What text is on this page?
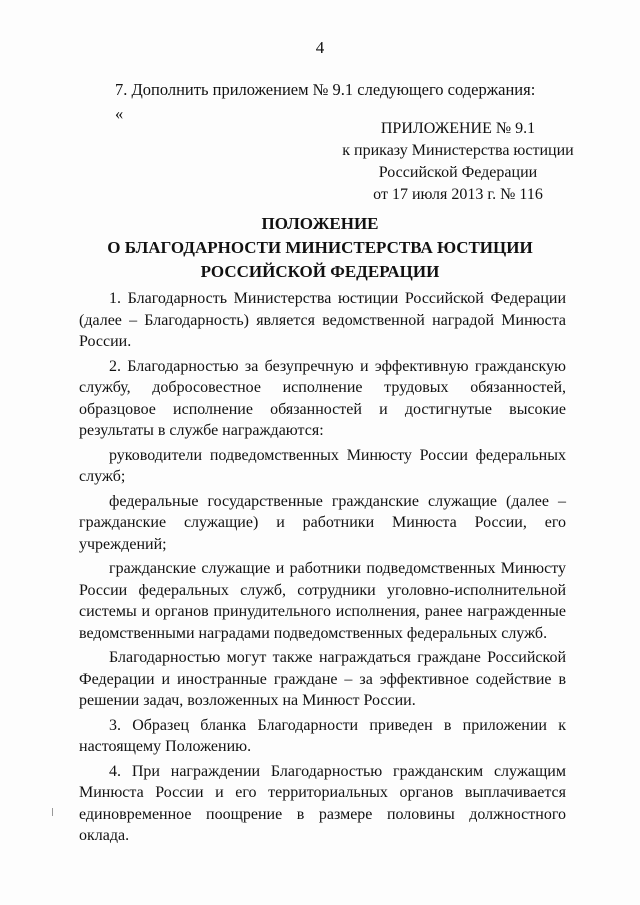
4
7. Дополнить приложением № 9.1 следующего содержания:
«
ПРИЛОЖЕНИЕ № 9.1
к приказу Министерства юстиции
Российской Федерации
от 17 июля 2013 г. № 116
ПОЛОЖЕНИЕ
О БЛАГОДАРНОСТИ МИНИСТЕРСТВА ЮСТИЦИИ
РОССИЙСКОЙ ФЕДЕРАЦИИ

1. Благодарность Министерства юстиции Российской Федерации (далее – Благодарность) является ведомственной наградой Минюста России.

2. Благодарностью за безупречную и эффективную гражданскую службу, добросовестное исполнение трудовых обязанностей, образцовое исполнение обязанностей и достигнутые высокие результаты в службе награждаются:

руководители подведомственных Минюсту России федеральных служб;

федеральные государственные гражданские служащие (далее – гражданские служащие) и работники Минюста России, его учреждений;

гражданские служащие и работники подведомственных Минюсту России федеральных служб, сотрудники уголовно-исполнительной системы и органов принудительного исполнения, ранее награжденные ведомственными наградами подведомственных федеральных служб.

Благодарностью могут также награждаться граждане Российской Федерации и иностранные граждане – за эффективное содействие в решении задач, возложенных на Минюст России.

3. Образец бланка Благодарности приведен в приложении к настоящему Положению.

4. При награждении Благодарностью гражданским служащим Минюста России и его территориальных органов выплачивается единовременное поощрение в размере половины должностного оклада.
